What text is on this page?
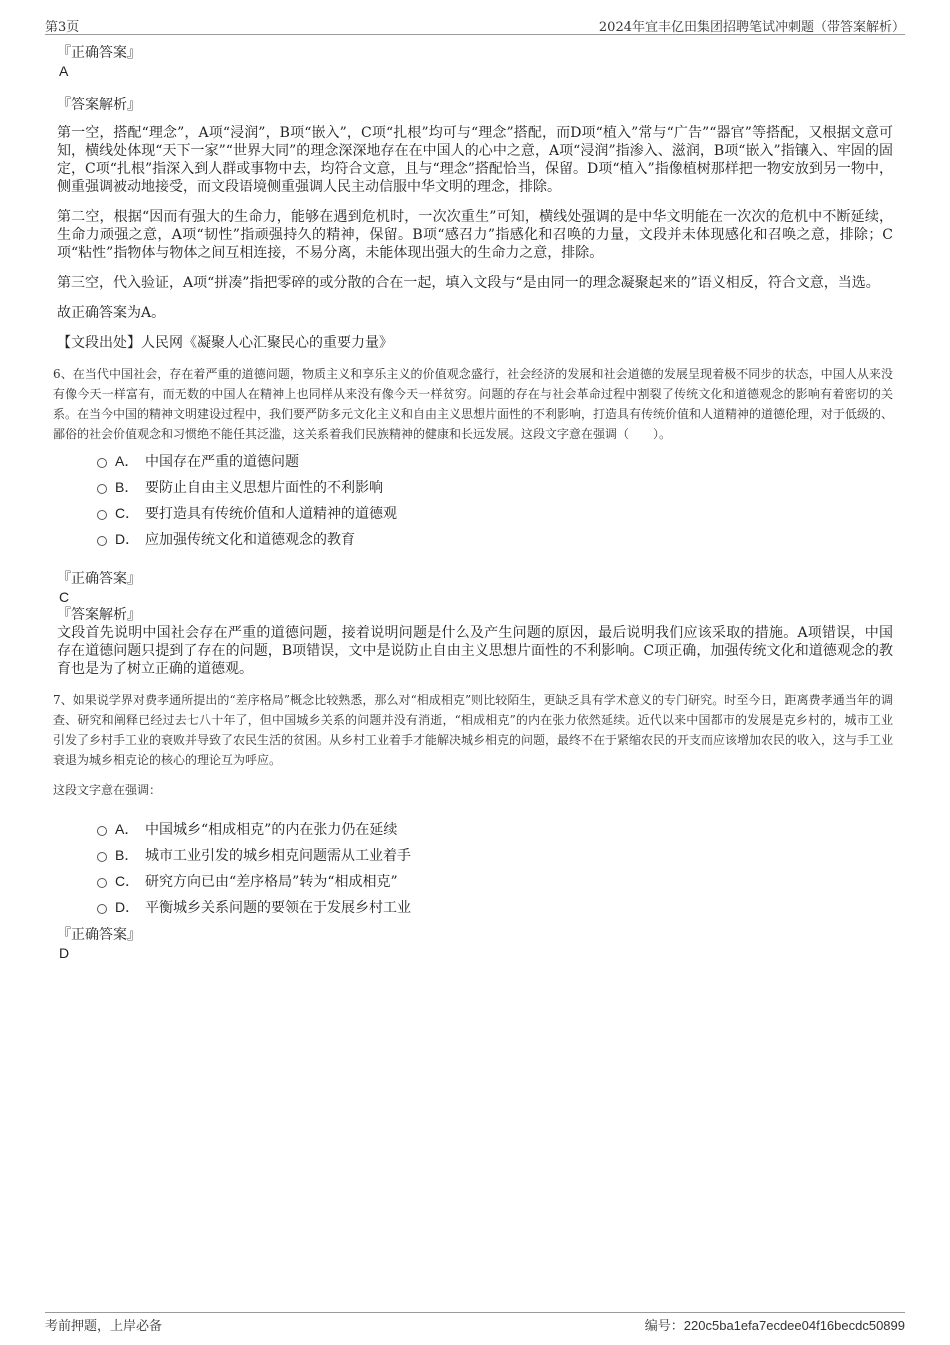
第3页	2024年宜丰亿田集团招聘笔试冲刺题（带答案解析）

『正确答案』

A

『答案解析』

第一空，搭配“理念”，A项“浸润”，B项“嵌入”，C项“扎根”均可与“理念”搭配，而D项“植入”常与“广告”“器官”等搭配，又根据文意可知，横线处体现“天下一家”“世界大同”的理念深深地存在在中国人的心中之意，A项“浸润”指渗入、滋润，B项“嵌入”指镶入、牢固的固定，C项“扎根”指深入到人群或事物中去，均符合文意，且与“理念”搭配恰当，保留。D项“植入”指像植树那样把一物安放到另一物中，侧重强调被动地接受，而文段语境侧重强调人民主动信服中华文明的理念，排除。

第二空，根据“因而有强大的生命力，能够在遇到危机时，一次次重生”可知，横线处强调的是中华文明能在一次次的危机中不断延续，生命力顽强之意，A项“韧性”指顽强持久的精神，保留。B项“感召力”指感化和召唤的力量，文段并未体现感化和召唤之意，排除；C项“粘性”指物体与物体之间互相连接，不易分离，未能体现出强大的生命力之意，排除。

第三空，代入验证，A项“拼凑”指把零碎的或分散的合在一起，填入文段与“是由同一的理念凝聚起来的”语义相反，符合文意，当选。

故正确答案为A。

【文段出处】人民网《凝聚人心汇聚民心的重要力量》

6、在当代中国社会，存在着严重的道德问题，物质主义和享乐主义的价值观念盛行，社会经济的发展和社会道德的发展呈现着极不同步的状态，中国人从来没有像今天一样富有，而无数的中国人在精神上也同样从来没有像今天一样贫穷。问题的存在与社会革命过程中割裂了传统文化和道德观念的影响有着密切的关系。在当今中国的精神文明建设过程中，我们要严防多元文化主义和自由主义思想片面性的不利影响，打造具有传统价值和人道精神的道德伦理，对于低级的、鄙俗的社会价值观念和习惯绝不能任其泛滥，这关系着我们民族精神的健康和长远发展。这段文字意在强调（　　）。

A． 中国存在严重的道德问题
B． 要防止自由主义思想片面性的不利影响
C． 要打造具有传统价值和人道精神的道德观
D． 应加强传统文化和道德观念的教育

『正确答案』

C

『答案解析』

文段首先说明中国社会存在严重的道德问题，接着说明问题是什么及产生问题的原因，最后说明我们应该采取的措施。A项错误，中国存在道德问题只提到了存在的问题，B项错误，文中是说防止自由主义思想片面性的不利影响。C项正确，加强传统文化和道德观念的教育也是为了树立正确的道德观。

7、如果说学界对费孝通所提出的“差序格局”概念比较熟悉，那么对“相成相克”则比较陌生，更缺乏具有学术意义的专门研究。时至今日，距离费孝通当年的调查、研究和阐释已经过去七八十年了，但中国城乡关系的问题并没有消逝，“相成相克”的内在张力依然延续。近代以来中国都市的发展是克乡村的，城市工业引发了乡村手工业的衰败并导致了农民生活的贫困。从乡村工业着手才能解决城乡相克的问题，最终不在于紧缩农民的开支而应该增加农民的收入，这与手工业衰退为城乡相克论的核心的理论互为呼应。

这段文字意在强调：

A． 中国城乡“相成相克”的内在张力仍在延续
B． 城市工业引发的城乡相克问题需从工业着手
C． 研究方向已由“差序格局”转为“相成相克”
D． 平衡城乡关系问题的要领在于发展乡村工业

『正确答案』

D

考前押题，上岸必备	编号：220c5ba1efa7ecdee04f16becdc50899
